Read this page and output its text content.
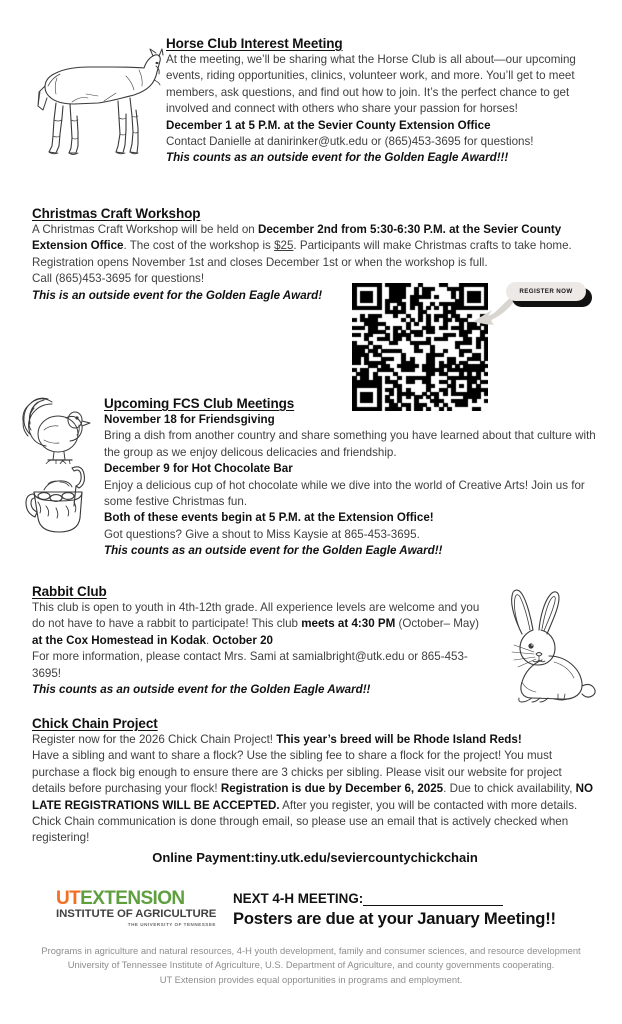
Horse Club Interest Meeting
At the meeting, we’ll be sharing what the Horse Club is all about—our upcoming events, riding opportunities, clinics, volunteer work, and more. You’ll get to meet members, ask questions, and find out how to join. It’s the perfect chance to get involved and connect with others who share your passion for horses!
December 1 at 5 P.M. at the Sevier County Extension Office
Contact Danielle at danirinker@utk.edu or (865)453-3695 for questions!
This counts as an outside event for the Golden Eagle Award!!!
Christmas Craft Workshop
A Christmas Craft Workshop will be held on December 2nd from 5:30-6:30 P.M. at the Sevier County Extension Office. The cost of the workshop is $25. Participants will make Christmas crafts to take home. Registration opens November 1st and closes December 1st or when the workshop is full.
Call (865)453-3695 for questions!
This is an outside event for the Golden Eagle Award!	REGISTER NOW
Upcoming FCS Club Meetings
November 18 for Friendsgiving
Bring a dish from another country and share something you have learned about that culture with the group as we enjoy delicous delicacies and friendship.
December 9 for Hot Chocolate Bar
Enjoy a delicious cup of hot chocolate while we dive into the world of Creative Arts! Join us for some festive Christmas fun.
Both of these events begin at 5 P.M. at the Extension Office!
Got questions? Give a shout to Miss Kaysie at 865-453-3695.
This counts as an outside event for the Golden Eagle Award!!
Rabbit Club
This club is open to youth in 4th-12th grade. All experience levels are welcome and you do not have to have a rabbit to participate! This club meets at 4:30 PM (October– May) at the Cox Homestead in Kodak. October 20
For more information, please contact Mrs. Sami at samialbright@utk.edu or 865-453-3695!
This counts as an outside event for the Golden Eagle Award!!
Chick Chain Project
Register now for the 2026 Chick Chain Project! This year’s breed will be Rhode Island Reds!
Have a sibling and want to share a flock? Use the sibling fee to share a flock for the project! You must purchase a flock big enough to ensure there are 3 chicks per sibling. Please visit our website for project details before purchasing your flock! Registration is due by December 6, 2025. Due to chick availability, NO LATE REGISTRATIONS WILL BE ACCEPTED. After you register, you will be contacted with more details. Chick Chain communication is done through email, so please use an email that is actively checked when registering!
Online Payment:tiny.utk.edu/seviercountychickchain
UTEXTENSION
INSTITUTE OF AGRICULTURE
THE UNIVERSITY OF TENNESSEE
NEXT 4-H MEETING:
Posters are due at your January Meeting!!
Programs in agriculture and natural resources, 4-H youth development, family and consumer sciences, and resource development
University of Tennessee Institute of Agriculture, U.S. Department of Agriculture, and county governments cooperating.
UT Extension provides equal opportunities in programs and employment.
